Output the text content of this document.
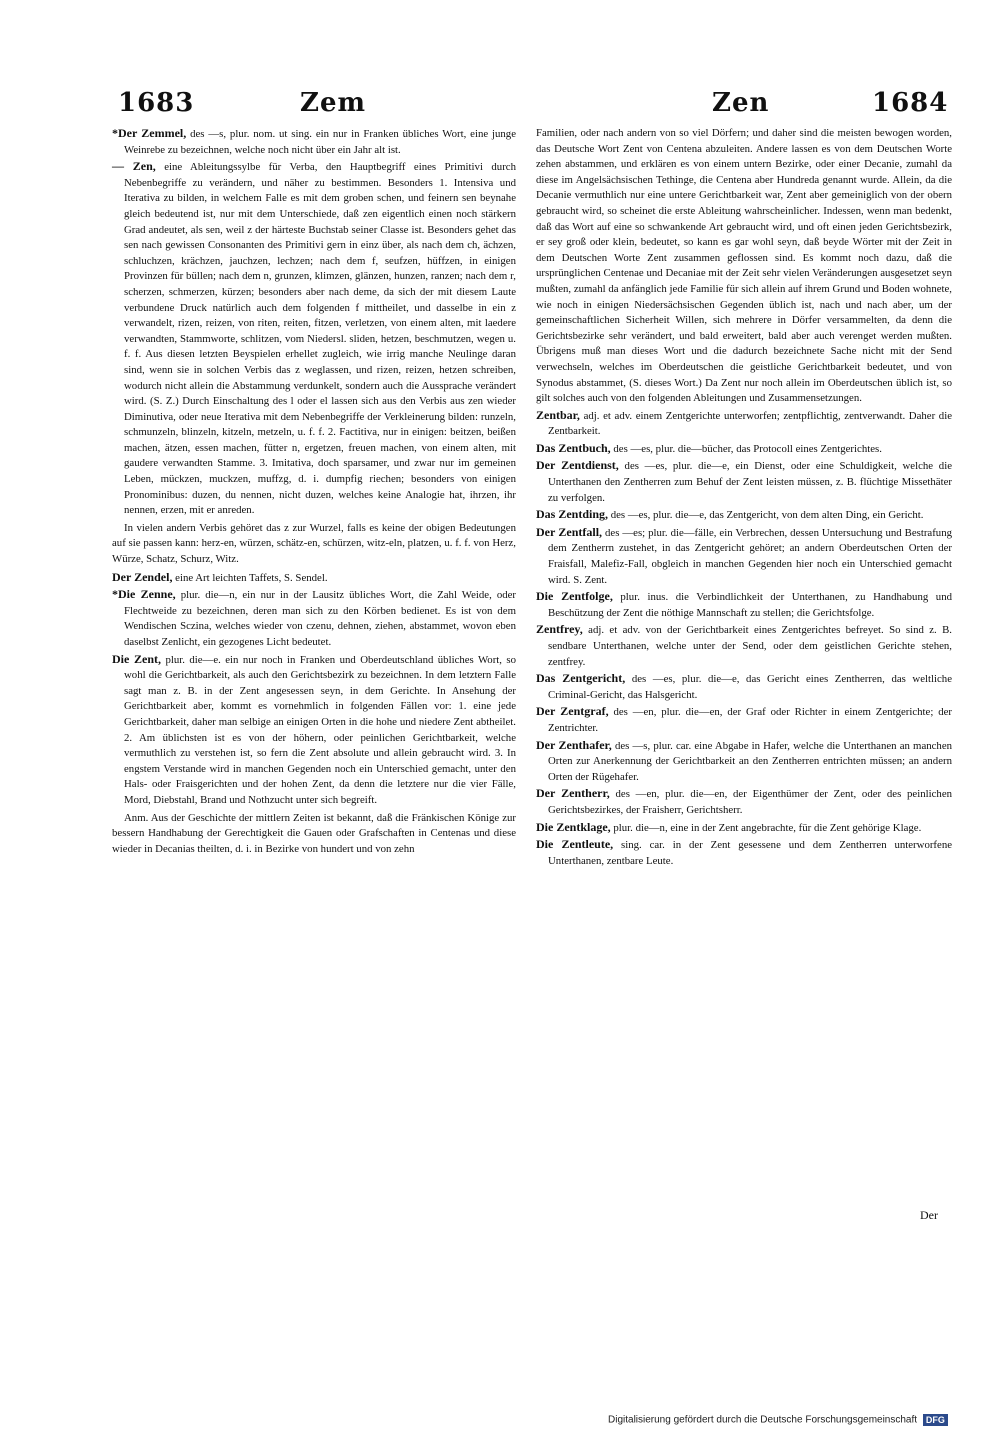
1683	Zem	Zen	1684

*Der Zemmel, des —s, plur. nom. ut sing. ein nur in Franken übliches Wort, eine junge Weinrebe zu bezeichnen, welche noch nicht über ein Jahr alt ist.

— Zen, eine Ableitungssylbe für Verba, den Hauptbegriff eines Primitivi durch Nebenbegriffe zu verändern, und näher zu bestimmen. Besonders 1. Intensiva und Iterativa zu bilden, in welchem Falle es mit dem groben schen, und feinern sen beynahe gleich bedeutend ist, nur mit dem Unterschiede, daß zen eigentlich einen noch stärkern Grad andeutet, als sen, weil z der härteste Buchstab seiner Classe ist. Besonders gehet das sen nach gewissen Consonanten des Primitivi gern in einz über, als nach dem ch, ächzen, schluchzen, krächzen, jauchzen, lechzen; nach dem f, seufzen, hüffzen, in einigen Provinzen für büllen; nach dem n, grunzen, klimzen, glänzen, hunzen, ranzen; nach dem r, scherzen, schmerzen, kürzen; besonders aber nach deme, da sich der mit diesem Laute verbundene Druck natürlich auch dem folgenden f mittheilet, und dasselbe in ein z verwandelt, rizen, reizen, von riten, reiten, fitzen, verletzen, von einem alten, mit laedere verwandten, Stammworte, schlitzen, vom Niedersl. sliden, hetzen, beschmutzen, wegen u. f. f. Aus diesen letzten Beyspielen erhellet zugleich, wie irrig manche Neulinge daran sind, wenn sie in solchen Verbis das z weglassen, und rizen, reizen, hetzen schreiben, wodurch nicht allein die Abstammung verdunkelt, sondern auch die Aussprache verändert wird. (S. Z.) Durch Einschaltung des l oder el lassen sich aus den Verbis aus zen wieder Diminutiva, oder neue Iterativa mit dem Nebenbegriffe der Verkleinerung bilden: runzeln, schmunzeln, blinzeln, kitzeln, metzeln, u. f. f. 2. Factitiva, nur in einigen: beitzen, beißen machen, ätzen, essen machen, fütter n, ergetzen, freuen machen, von einem alten, mit gaudere verwandten Stamme. 3. Imitativa, doch sparsamer, und zwar nur im gemeinen Leben, mückzen, muckzen, muffzg, d. i. dumpfig riechen; besonders von einigen Pronominibus: duzen, du nennen, nicht duzen, welches keine Analogie hat, ihrzen, ihr nennen, erzen, mit er anreden.

In vielen andern Verbis gehöret das z zur Wurzel, falls es keine der obigen Bedeutungen auf sie passen kann: herz-en, würzen, schätz-en, schürzen, witz-eln, platzen, u. f. f. von Herz, Würze, Schatz, Schurz, Witz.

Der Zendel, eine Art leichten Taffets, S. Sendel.

*Die Zenne, plur. die—n, ein nur in der Lausitz übliches Wort, die Zahl Weide, oder Flechtweide zu bezeichnen, deren man sich zu den Körben bedienet. Es ist von dem Wendischen Sczina, welches wieder von czenu, dehnen, ziehen, abstammet, wovon eben daselbst Zenlicht, ein gezogenes Licht bedeutet.

Die Zent, plur. die—e. ein nur noch in Franken und Oberdeutschland übliches Wort, so wohl die Gerichtbarkeit, als auch den Gerichtsbezirk zu bezeichnen. In dem letztern Falle sagt man z. B. in der Zent angesessen seyn, in dem Gerichte. In Ansehung der Gerichtbarkeit aber, kommt es vornehmlich in folgenden Fällen vor: 1. eine jede Gerichtbarkeit, daher man selbige an einigen Orten in die hohe und niedere Zent abtheilet. 2. Am üblichsten ist es von der höhern, oder peinlichen Gerichtbarkeit, welche vermuthlich zu verstehen ist, so fern die Zent absolute und allein gebraucht wird. 3. In engstem Verstande wird in manchen Gegenden noch ein Unterschied gemacht, unter den Hals- oder Fraisgerichten und der hohen Zent, da denn die letztere nur die vier Fälle, Mord, Diebstahl, Brand und Nothzucht unter sich begreift.

Anm. Aus der Geschichte der mittlern Zeiten ist bekannt, daß die Fränkischen Könige zur bessern Handhabung der Gerechtigkeit die Gauen oder Grafschaften in Centenas und diese wieder in Decanias theilten, d. i. in Bezirke von hundert und von zehn

Familien, oder nach andern von so viel Dörfern; und daher sind die meisten bewogen worden, das Deutsche Wort Zent von Centena abzuleiten. Andere lassen es von dem Deutschen Worte zehen abstammen, und erklären es von einem untern Bezirke, oder einer Decanie, zumahl da diese im Angelsächsischen Tethinge, die Centena aber Hundreda genannt wurde. Allein, da die Decanie vermuthlich nur eine untere Gerichtbarkeit war, Zent aber gemeiniglich von der obern gebraucht wird, so scheinet die erste Ableitung wahrscheinlicher. Indessen, wenn man bedenkt, daß das Wort auf eine so schwankende Art gebraucht wird, und oft einen jeden Gerichtsbezirk, er sey groß oder klein, bedeutet, so kann es gar wohl seyn, daß beyde Wörter mit der Zeit in dem Deutschen Worte Zent zusammen geflossen sind. Es kommt noch dazu, daß die ursprünglichen Centenae und Decaniae mit der Zeit sehr vielen Veränderungen ausgesetzet seyn mußten, zumahl da anfänglich jede Familie für sich allein auf ihrem Grund und Boden wohnete, wie noch in einigen Niedersächsischen Gegenden üblich ist, nach und nach aber, um der gemeinschaftlichen Sicherheit Willen, sich mehrere in Dörfer versammelten, da denn die Gerichtsbezirke sehr verändert, und bald erweitert, bald aber auch verenget werden mußten. Übrigens muß man dieses Wort und die dadurch bezeichnete Sache nicht mit der Send verwechseln, welches im Oberdeutschen die geistliche Gerichtbarkeit bedeutet, und von Synodus abstammet, (S. dieses Wort.) Da Zent nur noch allein im Oberdeutschen üblich ist, so gilt solches auch von den folgenden Ableitungen und Zusammensetzungen.

Zentbar, adj. et adv. einem Zentgerichte unterworfen; zentpflichtig, zentverwandt. Daher die Zentbarkeit.

Das Zentbuch, des —es, plur. die—bücher, das Protocoll eines Zentgerichtes.

Der Zentdienst, des —es, plur. die—e, ein Dienst, oder eine Schuldigkeit, welche die Unterthanen den Zentherren zum Behuf der Zent leisten müssen, z. B. flüchtige Missethäter zu verfolgen.

Das Zentding, des —es, plur. die—e, das Zentgericht, von dem alten Ding, ein Gericht.

Der Zentfall, des —es; plur. die—fälle, ein Verbrechen, dessen Untersuchung und Bestrafung dem Zentherrn zustehet, in das Zentgericht gehöret; an andern Oberdeutschen Orten der Fraisfall, Malefiz-Fall, obgleich in manchen Gegenden hier noch ein Unterschied gemacht wird. S. Zent.

Die Zentfolge, plur. inus. die Verbindlichkeit der Unterthanen, zu Handhabung und Beschützung der Zent die nöthige Mannschaft zu stellen; die Gerichtsfolge.

Zentfrey, adj. et adv. von der Gerichtbarkeit eines Zentgerichtes befreyet. So sind z. B. sendbare Unterthanen, welche unter der Send, oder dem geistlichen Gerichte stehen, zentfrey.

Das Zentgericht, des —es, plur. die—e, das Gericht eines Zentherren, das weltliche Criminal-Gericht, das Halsgericht.

Der Zentgraf, des —en, plur. die—en, der Graf oder Richter in einem Zentgerichte; der Zentrichter.

Der Zenthafer, des —s, plur. car. eine Abgabe in Hafer, welche die Unterthanen an manchen Orten zur Anerkennung der Gerichtbarkeit an den Zentherren entrichten müssen; an andern Orten der Rügehafer.

Der Zentherr, des —en, plur. die—en, der Eigenthümer der Zent, oder des peinlichen Gerichtsbezirkes, der Fraisherr, Gerichtsherr.

Die Zentklage, plur. die—n, eine in der Zent angebrachte, für die Zent gehörige Klage.

Die Zentleute, sing. car. in der Zent gesessene und dem Zentherren unterworfene Unterthanen, zentbare Leute.

Der
Digitalisierung gefördert durch die Deutsche Forschungsgemeinschaft DFG
